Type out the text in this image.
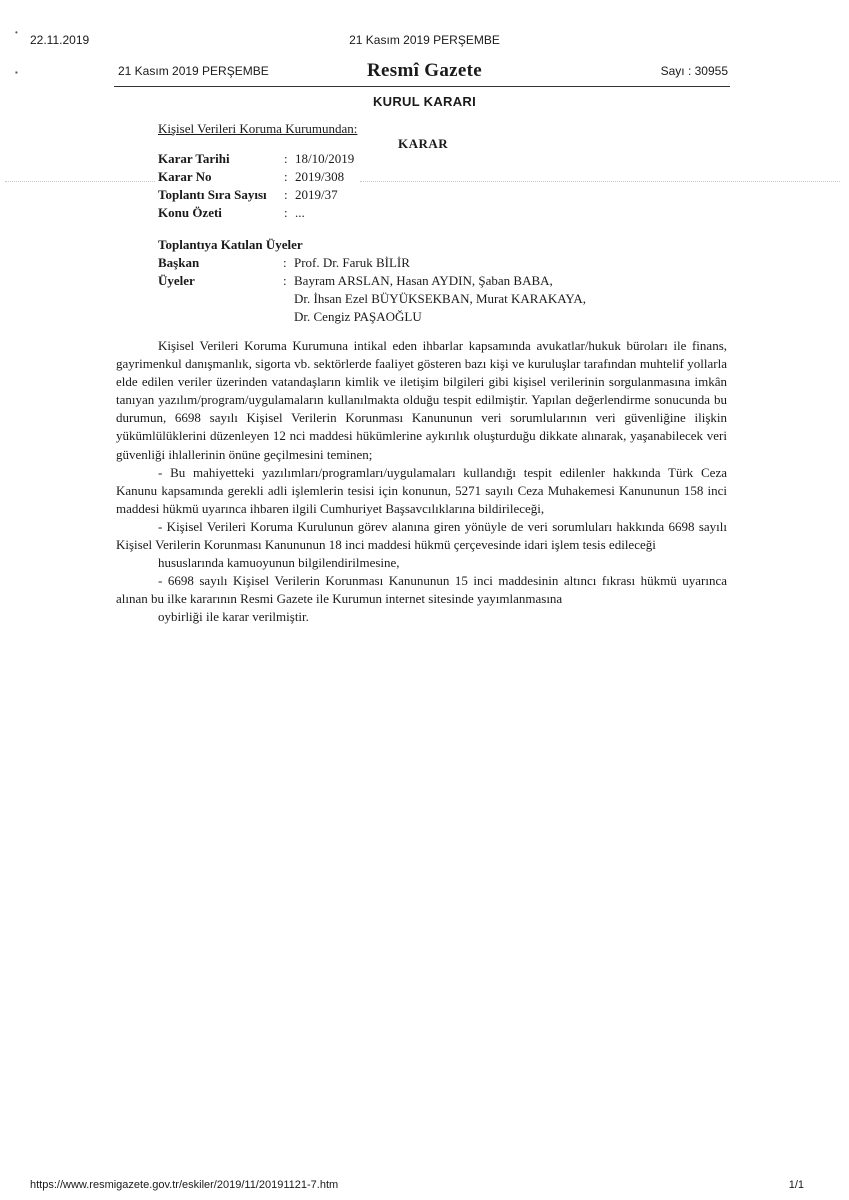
•
▪
22.11.2019	21 Kasım 2019 PERŞEMBE
21 Kasım 2019 PERŞEMBE	Resmî Gazete	Sayı : 30955
KURUL KARARI
Kişisel Verileri Koruma Kurumundan:
KARAR
Karar Tarihi	: 18/10/2019
Karar No	: 2019/308
Toplantı Sıra Sayısı : 2019/37
Konu Özeti	: ...
Toplantıya Katılan Üyeler
Başkan	: Prof. Dr. Faruk BİLİR
Üyeler	: Bayram ARSLAN, Hasan AYDIN, Şaban BABA,
Dr. İhsan Ezel BÜYÜKSEKBAN, Murat KARAKAYA,
Dr. Cengiz PAŞAOĞLU

Kişisel Verileri Koruma Kurumuna intikal eden ihbarlar kapsamında avukatlar/hukuk büroları ile finans, gayrimenkul danışmanlık, sigorta vb. sektörlerde faaliyet gösteren bazı kişi ve kuruluşlar tarafından muhtelif yollarla elde edilen veriler üzerinden vatandaşların kimlik ve iletişim bilgileri gibi kişisel verilerinin sorgulanmasına imkân tanıyan yazılım/program/uygulamaların kullanılmakta olduğu tespit edilmiştir. Yapılan değerlendirme sonucunda bu durumun, 6698 sayılı Kişisel Verilerin Korunması Kanununun veri sorumlularının veri güvenliğine ilişkin yükümlülüklerini düzenleyen 12 nci maddesi hükümlerine aykırılık oluşturduğu dikkate alınarak, yaşanabilecek veri güvenliği ihlallerinin önüne geçilmesini teminen;

- Bu mahiyetteki yazılımları/programları/uygulamaları kullandığı tespit edilenler hakkında Türk Ceza Kanunu kapsamında gerekli adli işlemlerin tesisi için konunun, 5271 sayılı Ceza Muhakemesi Kanununun 158 inci maddesi hükmü uyarınca ihbaren ilgili Cumhuriyet Başsavcılıklarına bildirileceği,

- Kişisel Verileri Koruma Kurulunun görev alanına giren yönüyle de veri sorumluları hakkında 6698 sayılı Kişisel Verilerin Korunması Kanununun 18 inci maddesi hükmü çerçevesinde idari işlem tesis edileceği

hususlarında kamuoyunun bilgilendirilmesine,

- 6698 sayılı Kişisel Verilerin Korunması Kanununun 15 inci maddesinin altıncı fıkrası hükmü uyarınca alınan bu ilke kararının Resmi Gazete ile Kurumun internet sitesinde yayımlanmasına

oybirliği ile karar verilmiştir.

https://www.resmigazete.gov.tr/eskiler/2019/11/20191121-7.htm	1/1
